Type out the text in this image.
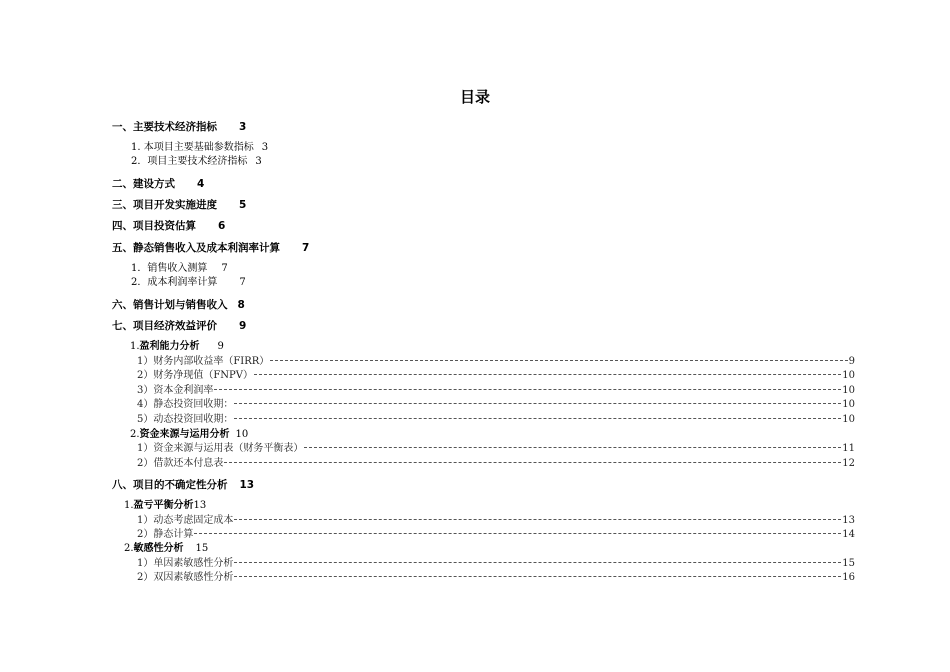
目录
一、主要技术经济指标 3
1. 本项目主要基础参数指标 3
2．项目主要技术经济指标 3
二、建设方式 4
三、项目开发实施进度 5
四、项目投资估算 6
五、静态销售收入及成本利润率计算 7
1．销售收入测算 7
2．成本利润率计算 7
六、销售计划与销售收入 8
七、项目经济效益评价 9
1.盈利能力分析 9
1）财务内部收益率（FIRR）	9
2）财务净现值（FNPV）	10
3）资本金利润率	10
4）静态投资回收期：	10
5）动态投资回收期：	10
2.资金来源与运用分析 10
1）资金来源与运用表（财务平衡表）	11
2）借款还本付息表	12
八、项目的不确定性分析 13
1.盈亏平衡分析13
1）动态考虑固定成本	13
2）静态计算	14
2.敏感性分析 15
1）单因素敏感性分析	15
2）双因素敏感性分析	16
